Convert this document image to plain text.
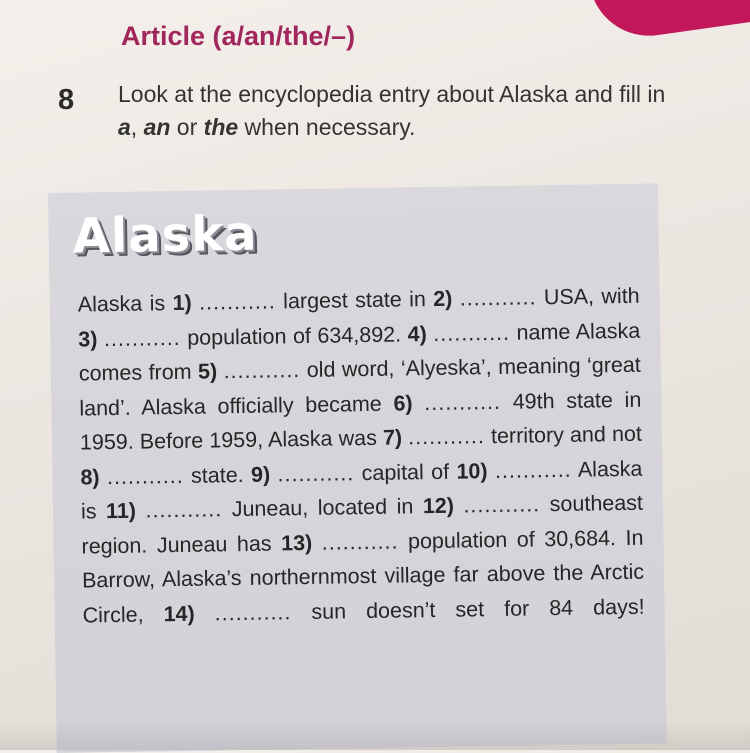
Article (a/an/the/–)
8 Look at the encyclopedia entry about Alaska and fill in a, an or the when necessary.
Alaska

Alaska is 1) ........... largest state in 2) ........... USA, with 3) ........... population of 634,892. 4) ........... name Alaska comes from 5) ........... old word, ‘Alyeska’, meaning ‘great land’. Alaska officially became 6) ........... 49th state in 1959. Before 1959, Alaska was 7) ........... territory and not 8) ........... state. 9) ........... capital of 10) ........... Alaska is 11) ........... Juneau, located in 12) ........... southeast region. Juneau has 13) ........... population of 30,684. In Barrow, Alaska’s northernmost village far above the Arctic Circle, 14) ........... sun doesn’t set for 84 days!
